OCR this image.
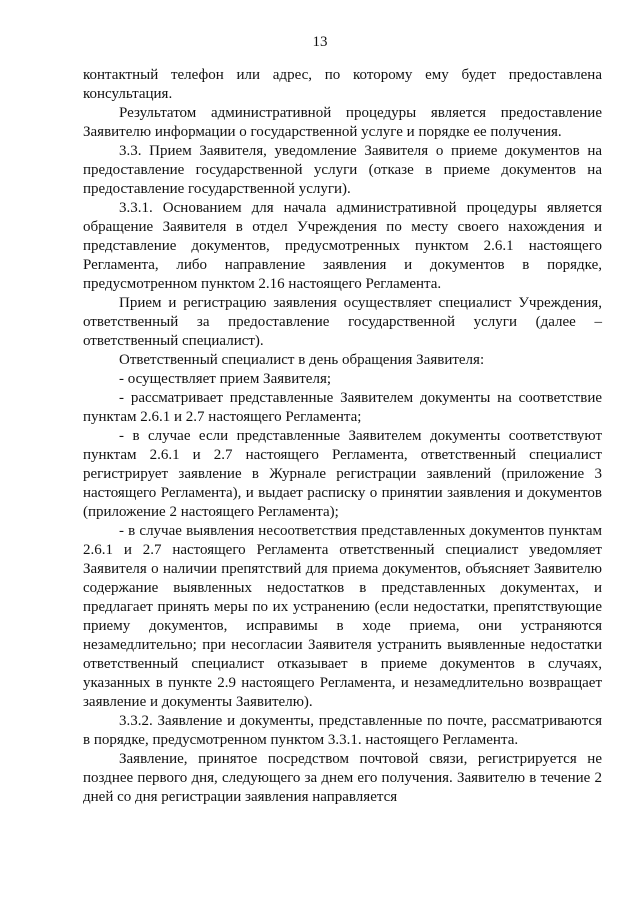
13

контактный телефон или адрес, по которому ему будет предоставлена консультация.

Результатом административной процедуры является предоставление Заявителю информации о государственной услуге и порядке ее получения.

3.3. Прием Заявителя, уведомление Заявителя о приеме документов на предоставление государственной услуги (отказе в приеме документов на предоставление государственной услуги).

3.3.1. Основанием для начала административной процедуры является обращение Заявителя в отдел Учреждения по месту своего нахождения и представление документов, предусмотренных пунктом 2.6.1 настоящего Регламента, либо направление заявления и документов в порядке, предусмотренном пунктом 2.16 настоящего Регламента.

Прием и регистрацию заявления осуществляет специалист Учреждения, ответственный за предоставление государственной услуги (далее – ответственный специалист).

Ответственный специалист в день обращения Заявителя:

- осуществляет прием Заявителя;

- рассматривает представленные Заявителем документы на соответствие пунктам 2.6.1 и 2.7 настоящего Регламента;

- в случае если представленные Заявителем документы соответствуют пунктам 2.6.1 и 2.7 настоящего Регламента, ответственный специалист регистрирует заявление в Журнале регистрации заявлений (приложение 3 настоящего Регламента), и выдает расписку о принятии заявления и документов (приложение 2 настоящего Регламента);

- в случае выявления несоответствия представленных документов пунктам 2.6.1 и 2.7 настоящего Регламента ответственный специалист уведомляет Заявителя о наличии препятствий для приема документов, объясняет Заявителю содержание выявленных недостатков в представленных документах, и предлагает принять меры по их устранению (если недостатки, препятствующие приему документов, исправимы в ходе приема, они устраняются незамедлительно; при несогласии Заявителя устранить выявленные недостатки ответственный специалист отказывает в приеме документов в случаях, указанных в пункте 2.9 настоящего Регламента, и незамедлительно возвращает заявление и документы Заявителю).

3.3.2. Заявление и документы, представленные по почте, рассматриваются в порядке, предусмотренном пунктом 3.3.1. настоящего Регламента.

Заявление, принятое посредством почтовой связи, регистрируется не позднее первого дня, следующего за днем его получения. Заявителю в течение 2 дней со дня регистрации заявления направляется
